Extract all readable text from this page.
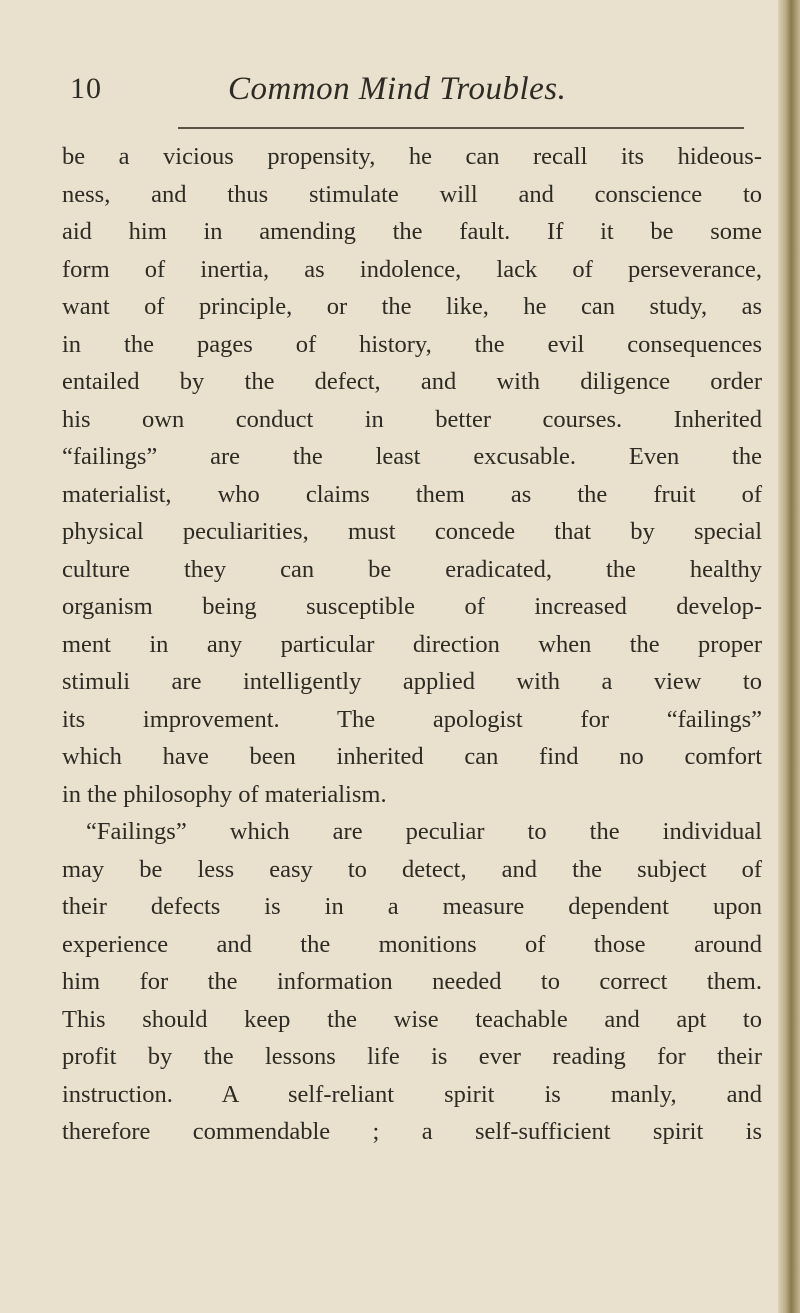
10	Common Mind Troubles.
be a vicious propensity, he can recall its hideous-
ness, and thus stimulate will and conscience to
aid him in amending the fault. If it be some
form of inertia, as indolence, lack of perseverance,
want of principle, or the like, he can study, as
in the pages of history, the evil consequences
entailed by the defect, and with diligence order
his own conduct in better courses. Inherited
“failings” are the least excusable. Even the
materialist, who claims them as the fruit of
physical peculiarities, must concede that by special
culture they can be eradicated, the healthy
organism being susceptible of increased develop-
ment in any particular direction when the proper
stimuli are intelligently applied with a view to
its improvement. The apologist for “failings”
which have been inherited can find no comfort
in the philosophy of materialism.
“Failings” which are peculiar to the individual
may be less easy to detect, and the subject of
their defects is in a measure dependent upon
experience and the monitions of those around
him for the information needed to correct them.
This should keep the wise teachable and apt to
profit by the lessons life is ever reading for their
instruction. A self-reliant spirit is manly, and
therefore commendable ; a self-sufficient spirit is
